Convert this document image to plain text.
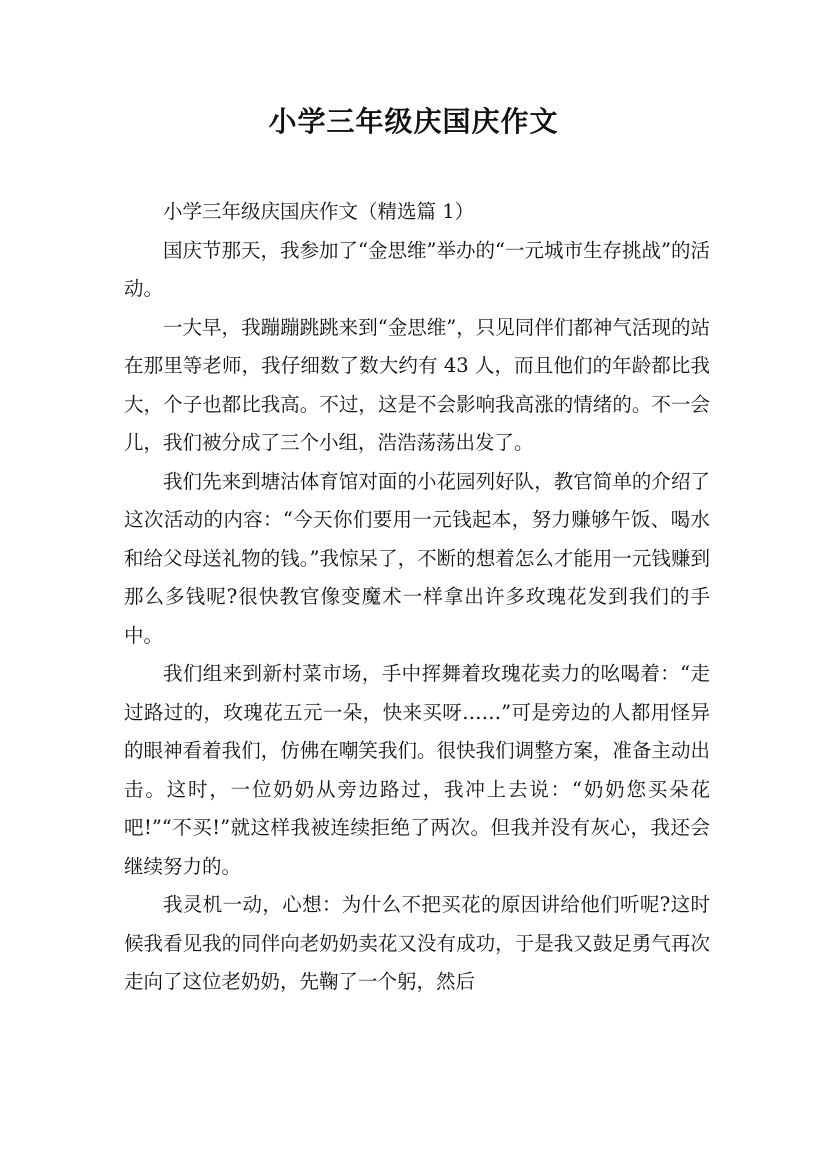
小学三年级庆国庆作文

小学三年级庆国庆作文（精选篇 1）

国庆节那天，我参加了“金思维”举办的“一元城市生存挑战”的活动。

一大早，我蹦蹦跳跳来到“金思维”，只见同伴们都神气活现的站在那里等老师，我仔细数了数大约有 43 人，而且他们的年龄都比我大，个子也都比我高。不过，这是不会影响我高涨的情绪的。不一会儿，我们被分成了三个小组，浩浩荡荡出发了。

我们先来到塘沽体育馆对面的小花园列好队，教官简单的介绍了这次活动的内容：“今天你们要用一元钱起本，努力赚够午饭、喝水和给父母送礼物的钱。”我惊呆了，不断的想着怎么才能用一元钱赚到那么多钱呢?很快教官像变魔术一样拿出许多玫瑰花发到我们的手中。

我们组来到新村菜市场，手中挥舞着玫瑰花卖力的吆喝着：“走过路过的，玫瑰花五元一朵，快来买呀……”可是旁边的人都用怪异的眼神看着我们，仿佛在嘲笑我们。很快我们调整方案，准备主动出击。这时，一位奶奶从旁边路过，我冲上去说：“奶奶您买朵花吧!”“不买!”就这样我被连续拒绝了两次。但我并没有灰心，我还会继续努力的。

我灵机一动，心想：为什么不把买花的原因讲给他们听呢?这时候我看见我的同伴向老奶奶卖花又没有成功，于是我又鼓足勇气再次走向了这位老奶奶，先鞠了一个躬，然后
